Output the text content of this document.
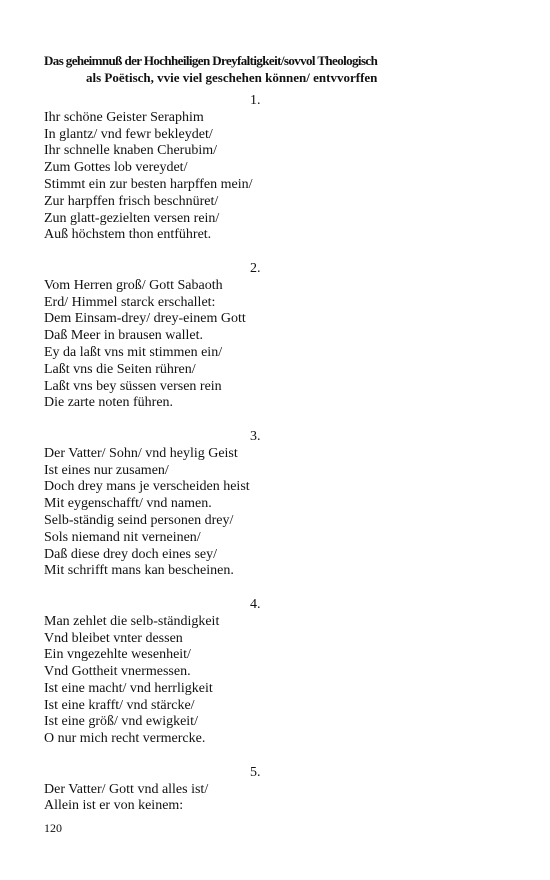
Das geheimnuß der Hochheiligen Dreyfaltigkeit/sovvol Theologisch
als Poëtisch, vvie viel geschehen können/ entvvorffen
1.
Ihr schöne Geister Seraphim
In glantz/ vnd fewr bekleydet/
Ihr schnelle knaben Cherubim/
Zum Gottes lob vereydet/
Stimmt ein zur besten harpffen mein/
Zur harpffen frisch beschnüret/
Zun glatt-gezielten versen rein/
Auß höchstem thon entführet.
2.
Vom Herren groß/ Gott Sabaoth
Erd/ Himmel starck erschallet:
Dem Einsam-drey/ drey-einem Gott
Daß Meer in brausen wallet.
Ey da laßt vns mit stimmen ein/
Laßt vns die Seiten rühren/
Laßt vns bey süssen versen rein
Die zarte noten führen.
3.
Der Vatter/ Sohn/ vnd heylig Geist
Ist eines nur zusamen/
Doch drey mans je verscheiden heist
Mit eygenschafft/ vnd namen.
Selb-ständig seind personen drey/
Sols niemand nit verneinen/
Daß diese drey doch eines sey/
Mit schrifft mans kan bescheinen.
4.
Man zehlet die selb-ständigkeit
Vnd bleibet vnter dessen
Ein vngezehlte wesenheit/
Vnd Gottheit vnermessen.
Ist eine macht/ vnd herrligkeit
Ist eine krafft/ vnd stärcke/
Ist eine größ/ vnd ewigkeit/
O nur mich recht vermercke.
5.
Der Vatter/ Gott vnd alles ist/
Allein ist er von keinem:
120
